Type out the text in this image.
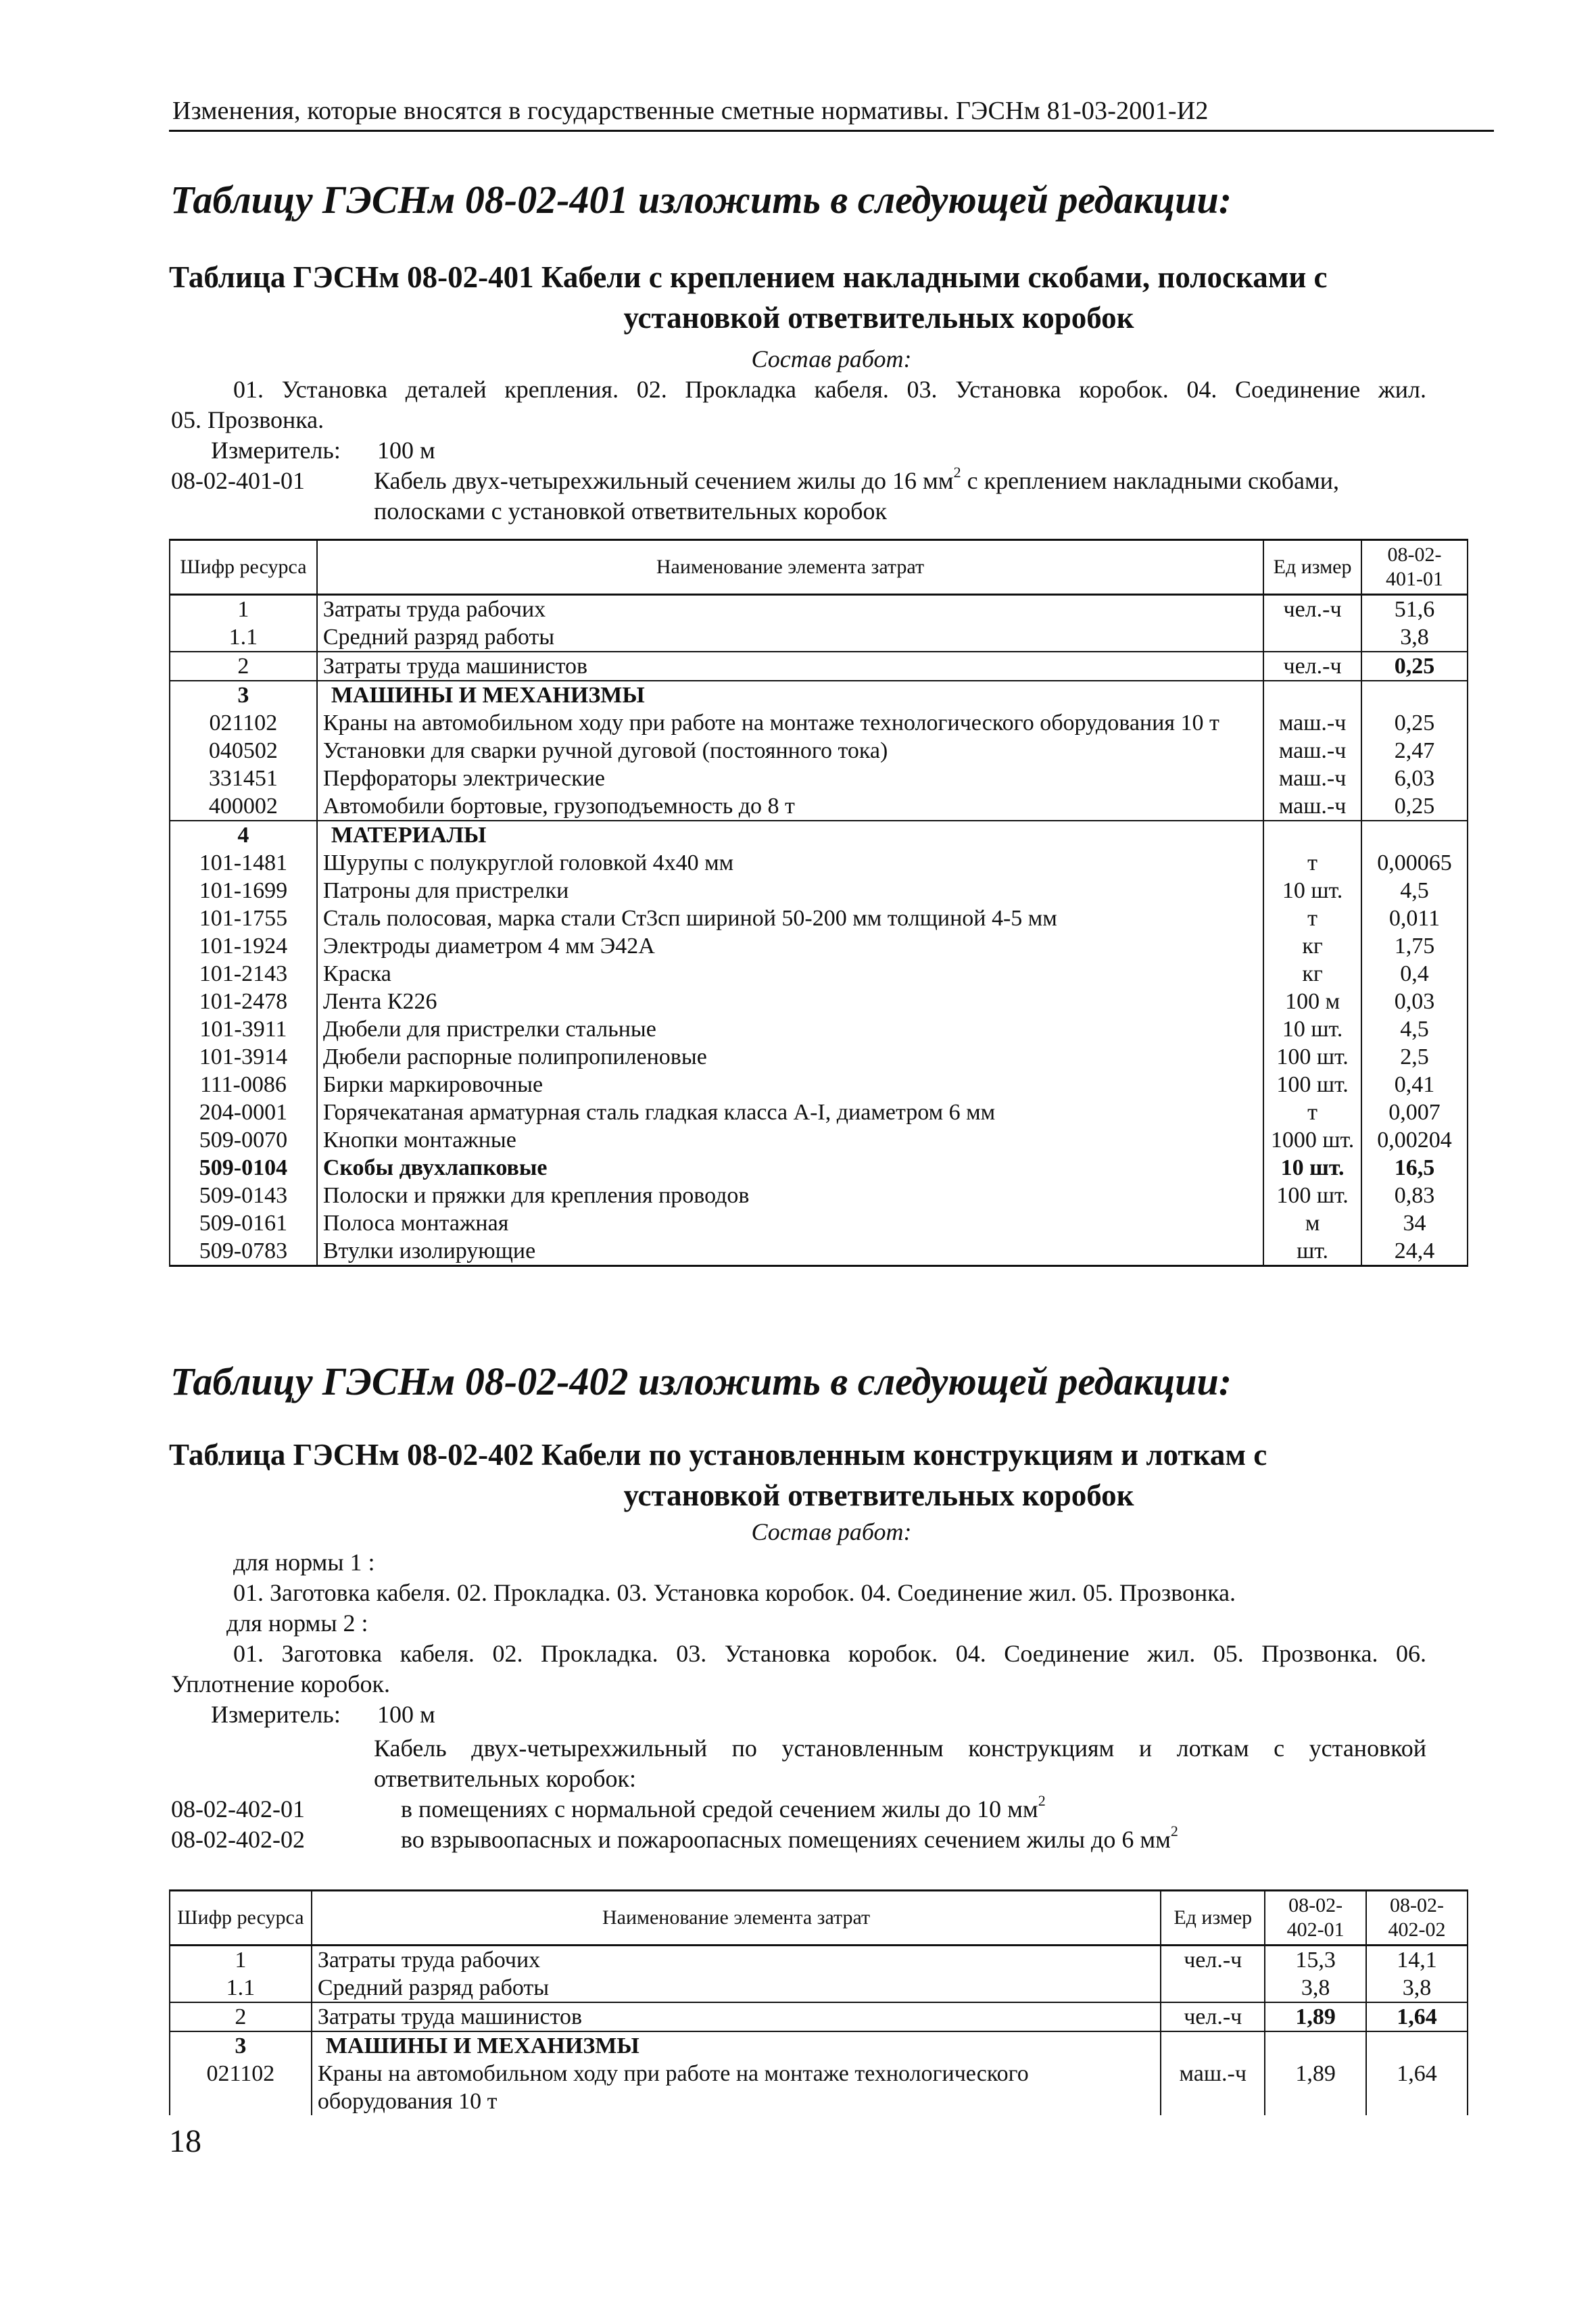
Изменения, которые вносятся в государственные сметные нормативы. ГЭСНм 81-03-2001-И2
Таблицу ГЭСНм 08-02-401 изложить в следующей редакции:
Таблица ГЭСНм 08-02-401 Кабели с креплением накладными скобами, полосками с
установкой ответвительных коробок
Состав работ:
01. Установка деталей крепления. 02. Прокладка кабеля. 03. Установка коробок. 04. Соединение жил.
05. Прозвонка.
Измеритель: 100 м
08-02-401-01	Кабель двух-четырехжильный сечением жилы до 16 $мм^2$ с креплением накладными скобами,
полосками с установкой ответвительных коробок
Шифр ресурса	Наименование элемента затрат	Ед измер	08-02-
401-01
1	Затраты труда рабочих	чел.-ч	51,6
1.1	Средний разряд работы		3,8
2	Затраты труда машинистов	чел.-ч	0,25
3	МАШИНЫ И МЕХАНИЗМЫ		
021102	Краны на автомобильном ходу при работе на монтаже технологического оборудования 10 т	маш.-ч	0,25
040502	Установки для сварки ручной дуговой (постоянного тока)	маш.-ч	2,47
331451	Перфораторы электрические	маш.-ч	6,03
400002	Автомобили бортовые, грузоподъемность до 8 т	маш.-ч	0,25
4	МАТЕРИАЛЫ		
101-1481	Шурупы с полукруглой головкой 4х40 мм	т	0,00065
101-1699	Патроны для пристрелки	10 шт.	4,5
101-1755	Сталь полосовая, марка стали Ст3сп шириной 50-200 мм толщиной 4-5 мм	т	0,011
101-1924	Электроды диаметром 4 мм Э42А	кг	1,75
101-2143	Краска	кг	0,4
101-2478	Лента К226	100 м	0,03
101-3911	Дюбели для пристрелки стальные	10 шт.	4,5
101-3914	Дюбели распорные полипропиленовые	100 шт.	2,5
111-0086	Бирки маркировочные	100 шт.	0,41
204-0001	Горячекатаная арматурная сталь гладкая класса А-I, диаметром 6 мм	т	0,007
509-0070	Кнопки монтажные	1000 шт.	0,00204
509-0104	Скобы двухлапковые	10 шт.	16,5
509-0143	Полоски и пряжки для крепления проводов	100 шт.	0,83
509-0161	Полоса монтажная	м	34
509-0783	Втулки изолирующие	шт.	24,4
Таблицу ГЭСНм 08-02-402 изложить в следующей редакции:
Таблица ГЭСНм 08-02-402 Кабели по установленным конструкциям и лоткам с
установкой ответвительных коробок
Состав работ:
для нормы 1 :
01. Заготовка кабеля. 02. Прокладка. 03. Установка коробок. 04. Соединение жил. 05. Прозвонка.
для нормы 2 :
01. Заготовка кабеля. 02. Прокладка. 03. Установка коробок. 04. Соединение жил. 05. Прозвонка. 06.
Уплотнение коробок.
Измеритель: 100 м
Кабель двух-четырехжильный по установленным конструкциям и лоткам с установкой
ответвительных коробок:
08-02-402-01	в помещениях с нормальной средой сечением жилы до 10 $мм^2$
08-02-402-02	во взрывоопасных и пожароопасных помещениях сечением жилы до 6 $мм^2$
Шифр ресурса	Наименование элемента затрат	Ед измер	08-02-
402-01	08-02-
402-02
1	Затраты труда рабочих	чел.-ч	15,3	14,1
1.1	Средний разряд работы		3,8	3,8
2	Затраты труда машинистов	чел.-ч	1,89	1,64
3	МАШИНЫ И МЕХАНИЗМЫ			
021102	Краны на автомобильном ходу при работе на монтаже технологического оборудования 10 т	маш.-ч	1,89	1,64
18
